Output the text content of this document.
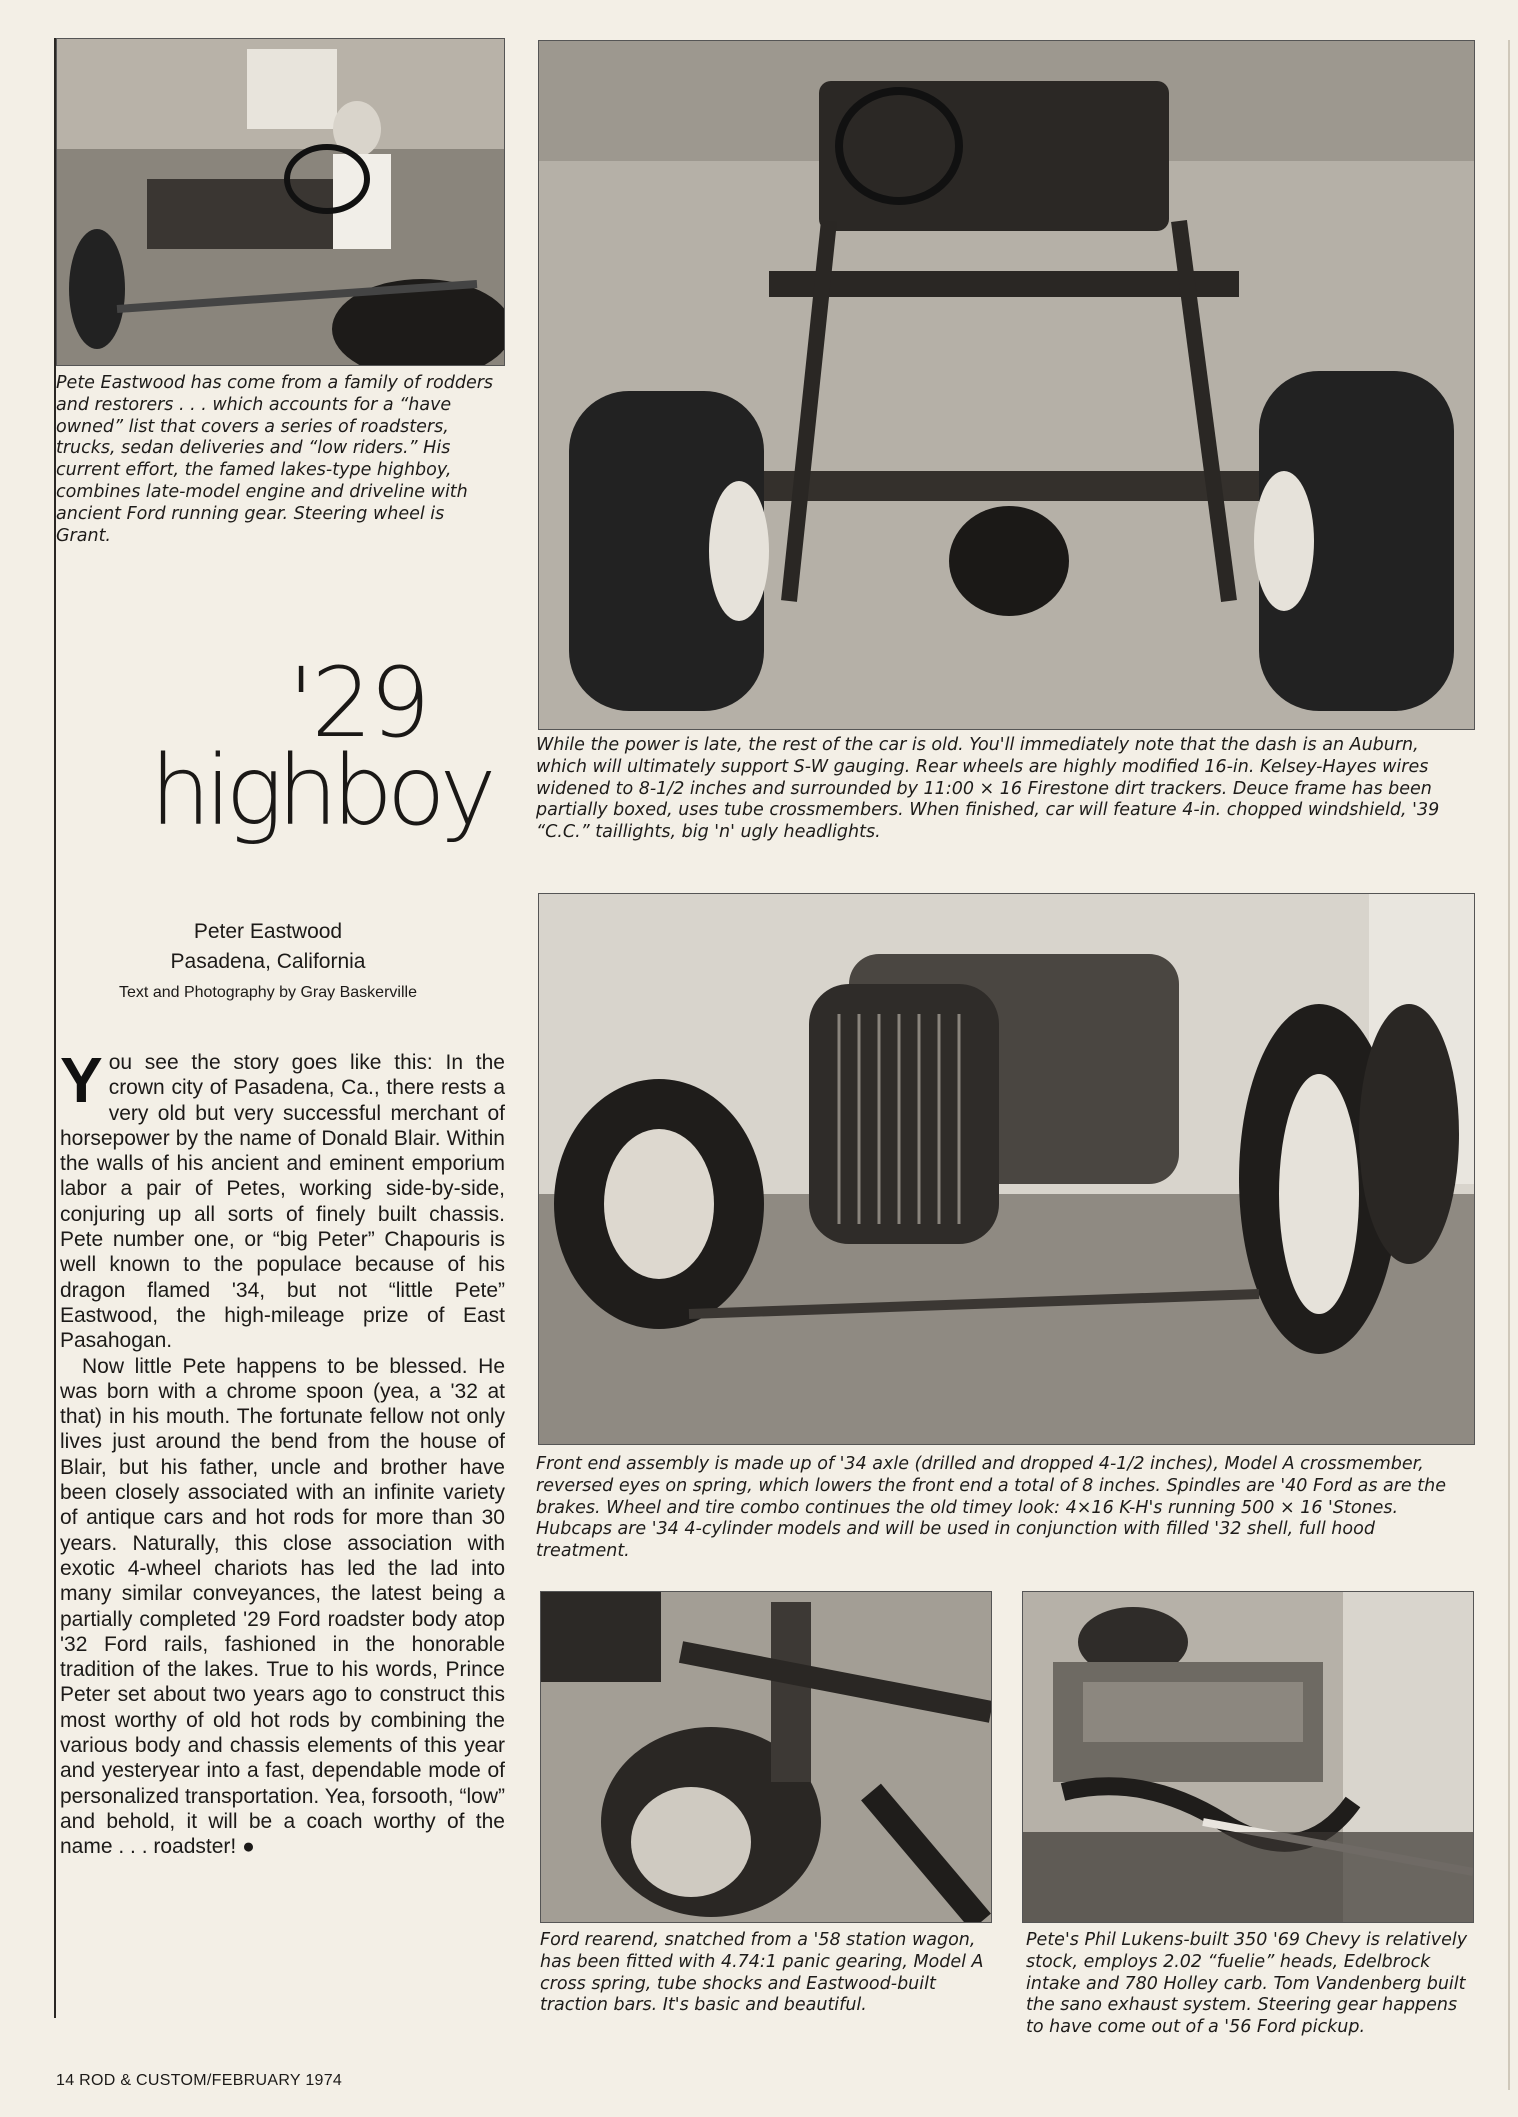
Pete Eastwood has come from a family of rodders and restorers . . . which accounts for a “have owned” list that covers a series of roadsters, trucks, sedan deliveries and “low riders.” His current effort, the famed lakes-type highboy, combines late-model engine and driveline with ancient Ford running gear. Steering wheel is Grant.

While the power is late, the rest of the car is old. You'll immediately note that the dash is an Auburn, which will ultimately support S-W gauging. Rear wheels are highly modified 16-in. Kelsey-Hayes wires widened to 8-1/2 inches and surrounded by 11:00 × 16 Firestone dirt trackers. Deuce frame has been partially boxed, uses tube crossmembers. When finished, car will feature 4-in. chopped windshield, '39 “C.C.” taillights, big 'n' ugly headlights.

'29
highboy

Peter Eastwood

Pasadena, California

Text and Photography by Gray Baskerville

You see the story goes like this: In the crown city of Pasadena, Ca., there rests a very old but very successful merchant of horsepower by the name of Donald Blair. Within the walls of his ancient and eminent emporium labor a pair of Petes, working side-by-side, conjuring up all sorts of finely built chassis. Pete number one, or “big Peter” Chapouris is well known to the populace because of his dragon flamed '34, but not “little Pete” Eastwood, the high-mileage prize of East Pasahogan.

Now little Pete happens to be blessed. He was born with a chrome spoon (yea, a '32 at that) in his mouth. The fortunate fellow not only lives just around the bend from the house of Blair, but his father, uncle and brother have been closely associated with an infinite variety of antique cars and hot rods for more than 30 years. Naturally, this close association with exotic 4-wheel chariots has led the lad into many similar conveyances, the latest being a partially completed '29 Ford roadster body atop '32 Ford rails, fashioned in the honorable tradition of the lakes. True to his words, Prince Peter set about two years ago to construct this most worthy of old hot rods by combining the various body and chassis elements of this year and yesteryear into a fast, dependable mode of personalized transportation. Yea, forsooth, “low” and behold, it will be a coach worthy of the name . . . roadster! ●

Front end assembly is made up of '34 axle (drilled and dropped 4-1/2 inches), Model A crossmember, reversed eyes on spring, which lowers the front end a total of 8 inches. Spindles are '40 Ford as are the brakes. Wheel and tire combo continues the old timey look: 4×16 K-H's running 500 × 16 'Stones. Hubcaps are '34 4-cylinder models and will be used in conjunction with filled '32 shell, full hood treatment.

Ford rearend, snatched from a '58 station wagon, has been fitted with 4.74:1 panic gearing, Model A cross spring, tube shocks and Eastwood-built traction bars. It's basic and beautiful.

Pete's Phil Lukens-built 350 '69 Chevy is relatively stock, employs 2.02 “fuelie” heads, Edelbrock intake and 780 Holley carb. Tom Vandenberg built the sano exhaust system. Steering gear happens to have come out of a '56 Ford pickup.

14 ROD & CUSTOM/FEBRUARY 1974
